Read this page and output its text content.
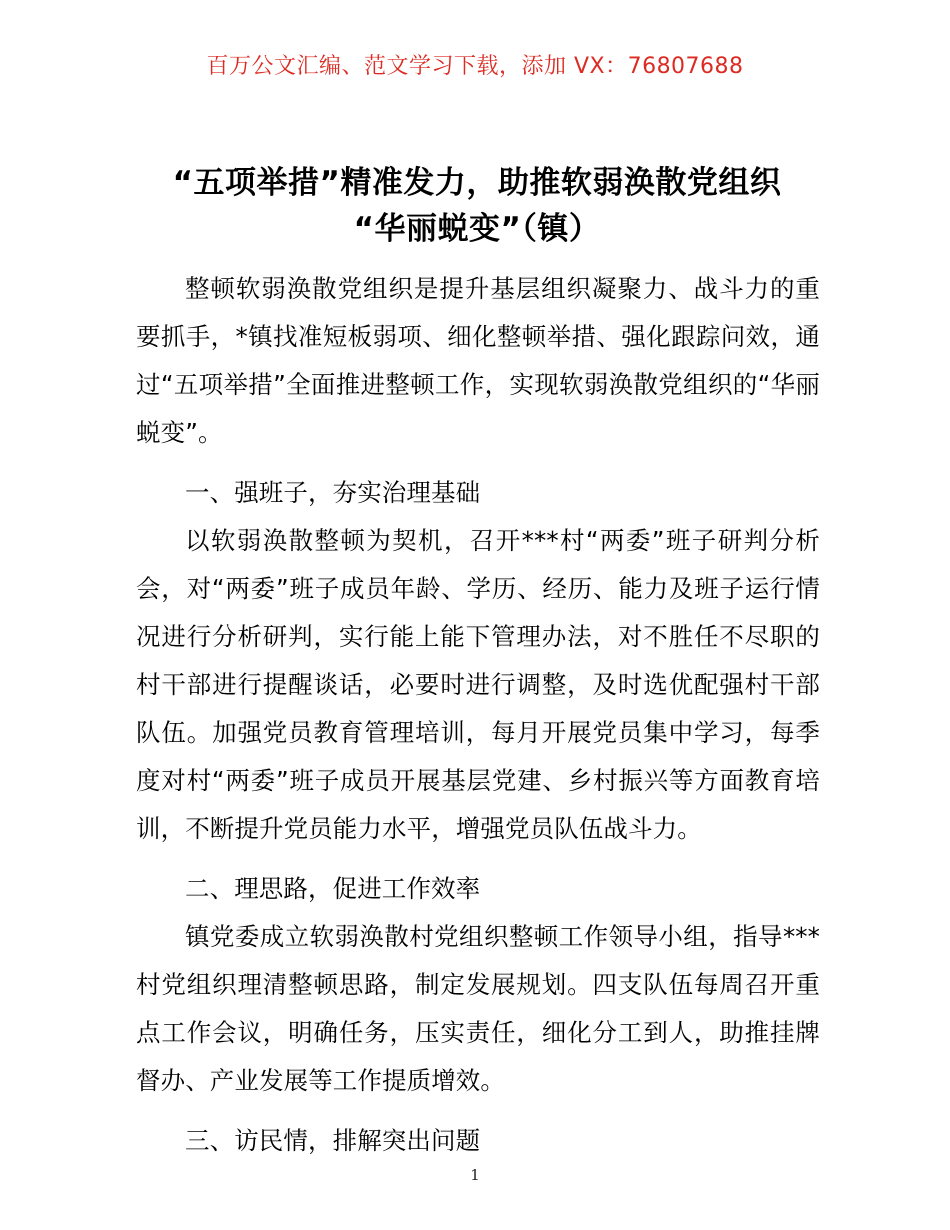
百万公文汇编、范文学习下载，添加 VX：76807688
“五项举措”精准发力，助推软弱涣散党组织
“华丽蜕变”（镇）

整顿软弱涣散党组织是提升基层组织凝聚力、战斗力的重要抓手，*镇找准短板弱项、细化整顿举措、强化跟踪问效，通过“五项举措”全面推进整顿工作，实现软弱涣散党组织的“华丽蜕变”。

一、强班子，夯实治理基础

以软弱涣散整顿为契机，召开***村“两委”班子研判分析会，对“两委”班子成员年龄、学历、经历、能力及班子运行情况进行分析研判，实行能上能下管理办法，对不胜任不尽职的村干部进行提醒谈话，必要时进行调整，及时选优配强村干部队伍。加强党员教育管理培训，每月开展党员集中学习，每季度对村“两委”班子成员开展基层党建、乡村振兴等方面教育培训，不断提升党员能力水平，增强党员队伍战斗力。

二、理思路，促进工作效率

镇党委成立软弱涣散村党组织整顿工作领导小组，指导***村党组织理清整顿思路，制定发展规划。四支队伍每周召开重点工作会议，明确任务，压实责任，细化分工到人，助推挂牌督办、产业发展等工作提质增效。

三、访民情，排解突出问题

1
